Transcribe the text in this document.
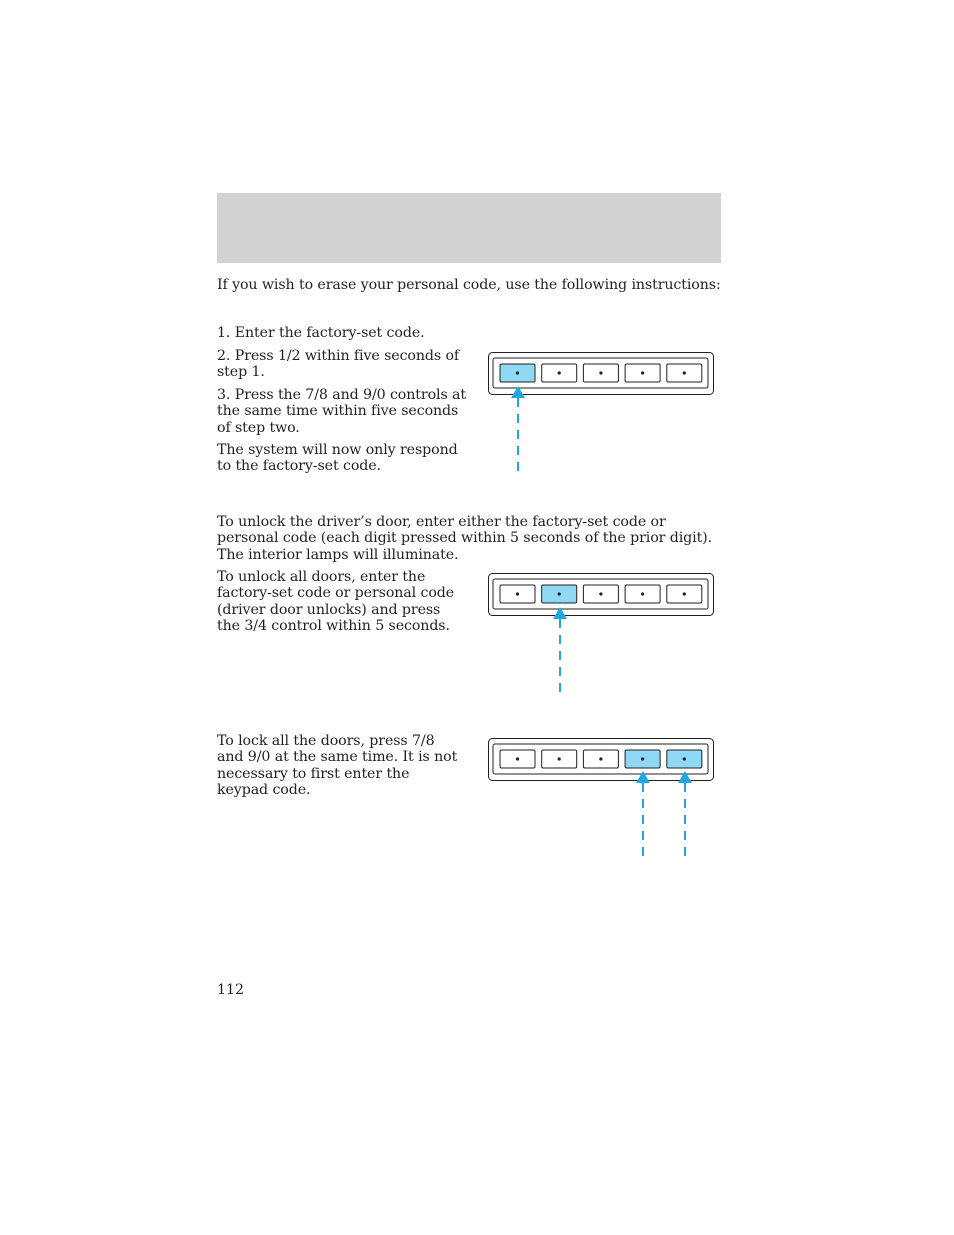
If you wish to erase your personal code, use the following instructions:

1. Enter the factory-set code.

2. Press 1/2 within five seconds of step 1.

3. Press the 7/8 and 9/0 controls at the same time within five seconds of step two.

The system will now only respond to the factory-set code.

To unlock the driver’s door, enter either the factory-set code or personal code (each digit pressed within 5 seconds of the prior digit). The interior lamps will illuminate.

To unlock all doors, enter the factory-set code or personal code (driver door unlocks) and press the 3/4 control within 5 seconds.

To lock all the doors, press 7/8 and 9/0 at the same time. It is not necessary to first enter the keypad code.

112
